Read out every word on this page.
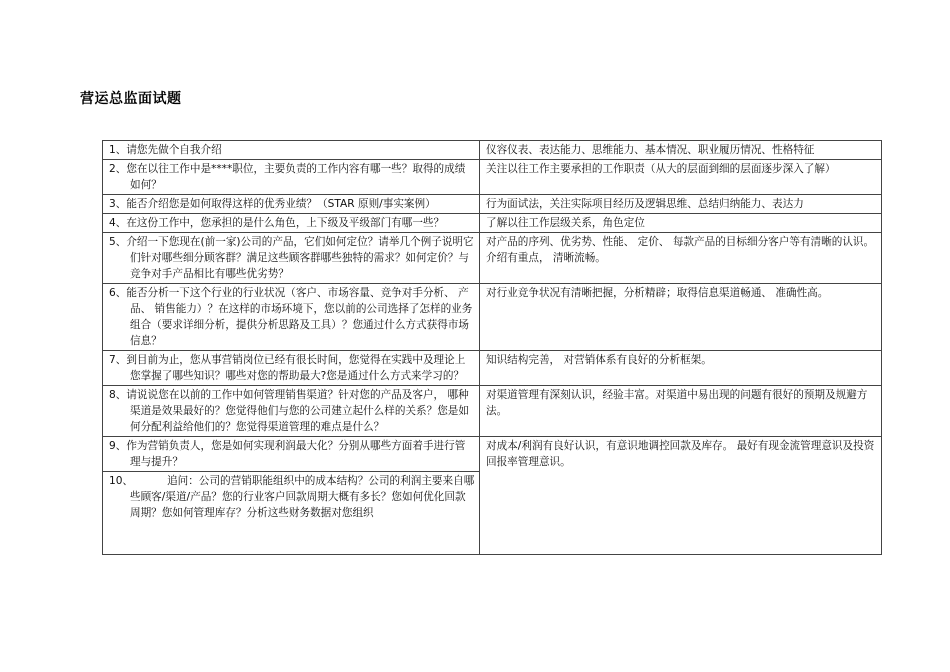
营运总监面试题
1、请您先做个自我介绍	仪容仪表、表达能力、思维能力、基本情况、职业履历情况、性格特征

2、您在以往工作中是****职位，主要负责的工作内容有哪一些？取得的成绩如何？	关注以往工作主要承担的工作职责（从大的层面到细的层面逐步深入了解）

3、能否介绍您是如何取得这样的优秀业绩？（STAR 原则/事实案例）	行为面试法，关注实际项目经历及逻辑思维、总结归纳能力、表达力

4、在这份工作中，您承担的是什么角色，上下级及平级部门有哪一些？	了解以往工作层级关系，角色定位

5、介绍一下您现在(前一家)公司的产品，它们如何定位？请举几个例子说明它们针对哪些细分顾客群？满足这些顾客群哪些独特的需求？如何定价？与竞争对手产品相比有哪些优劣势？	对产品的序列、优劣势、性能、 定价、 每款产品的目标细分客户等有清晰的认识。 介绍有重点， 清晰流畅。

6、能否分析一下这个行业的行业状况（客户、市场容量、竞争对手分析、 产品、 销售能力）？在这样的市场环境下，您以前的公司选择了怎样的业务组合（要求详细分析，提供分析思路及工具）？您通过什么方式获得市场信息？	对行业竞争状况有清晰把握，分析精辟；取得信息渠道畅通、 准确性高。

7、到目前为止，您从事营销岗位已经有很长时间，您觉得在实践中及理论上您掌握了哪些知识？哪些对您的帮助最大?您是通过什么方式来学习的？	知识结构完善， 对营销体系有良好的分析框架。

8、请说说您在以前的工作中如何管理销售渠道？针对您的产品及客户， 哪种渠道是效果最好的？您觉得他们与您的公司建立起什么样的关系？您是如何分配利益给他们的？您觉得渠道管理的难点是什么？	对渠道管理有深刻认识，经验丰富。对渠道中易出现的问题有很好的预期及规避方法。

9、作为营销负责人，您是如何实现利润最大化？分别从哪些方面着手进行管理与提升？	对成本/利润有良好认识，有意识地调控回款及库存。 最好有现金流管理意识及投资回报率管理意识。

10、 追问：公司的营销职能组织中的成本结构？公司的利润主要来自哪些顾客/渠道/产品？您的行业客户回款周期大概有多长？您如何优化回款周期？您如何管理库存？分析这些财务数据对您组织	
